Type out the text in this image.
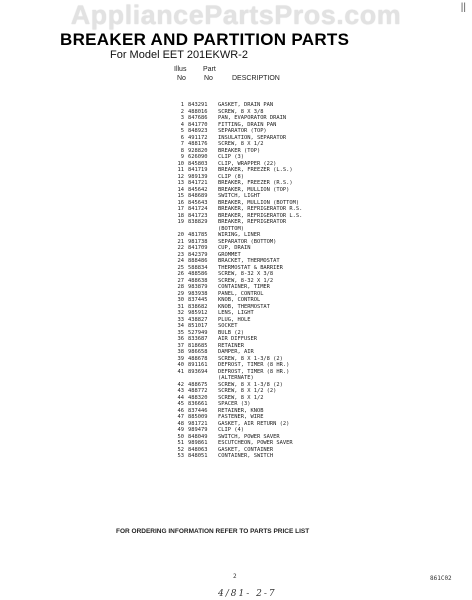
AppliancePartsPros.com	||
BREAKER AND PARTITION PARTS
For Model EET 201EKWR-2
Illus
No
Part
No	DESCRIPTION
1 843291	GASKET, DRAIN PAN
2 488016	SCREW, 8 X 3/8
3 847686	PAN, EVAPORATOR DRAIN
4 841770	FITTING, DRAIN PAN
5 848923	SEPARATOR (TOP)
6 491172	INSULATION, SEPARATOR
7 488176	SCREW, 8 X 1/2
8 928820	BREAKER (TOP)
9 626090	CLIP (3)
10 845803	CLIP, WRAPPER (22)
11 841719	BREAKER, FREEZER (L.S.)
12 989139	CLIP (8)
13 841721	BREAKER, FREEZER (R.S.)
14 845642	BREAKER, MULLION (TOP)
15 848689	SWITCH, LIGHT
16 845643	BREAKER, MULLION (BOTTOM)
17 841724	BREAKER, REFRIGERATOR R.S.
18 841723	BREAKER, REFRIGERATOR L.S.
19 838829	BREAKER, REFRIGERATOR
(BOTTOM)
20 481785	WIRING, LINER
21 981738	SEPARATOR (BOTTOM)
22 841709	CUP, DRAIN
23 842379	GROMMET
24 888486	BRACKET, THERMOSTAT
25 588834	THERMOSTAT & BARRIER
26 488586	SCREW, 8-32 X 3/8
27 488638	SCREW, 8-32 X 1/2
28 983879	CONTAINER, TIMER
29 983938	PANEL, CONTROL
30 837445	KNOB, CONTROL
31 838682	KNOB, THERMOSTAT
32 985912	LENS, LIGHT
33 438827	PLUG, HOLE
34 851017	SOCKET
35 527949	BULB (2)
36 833687	AIR DIFFUSER
37 818685	RETAINER
38 986658	DAMPER, AIR
39 488678	SCREW, 8 X 1-3/8 (2)
40 891161	DEFROST, TIMER (8 HR.)
41 893694	DEFROST, TIMER (8 HR.)
(ALTERNATE)
42 488675	SCREW, 8 X 1-3/8 (2)
43 488772	SCREW, 8 X 1/2 (2)
44 488320	SCREW, 8 X 1/2
45 836661	SPACER (3)
46 837446	RETAINER, KNOB
47 885009	FASTENER, WIRE
48 981721	GASKET, AIR RETURN (2)
49 989479	CLIP (4)
50 848049	SWITCH, POWER SAVER
51 989861	ESCUTCHEON, POWER SAVER
52 848063	GASKET, CONTAINER
53 848051	CONTAINER, SWITCH
FOR ORDERING INFORMATION REFER TO PARTS PRICE LIST
2	861C02
4/81- 2-7
